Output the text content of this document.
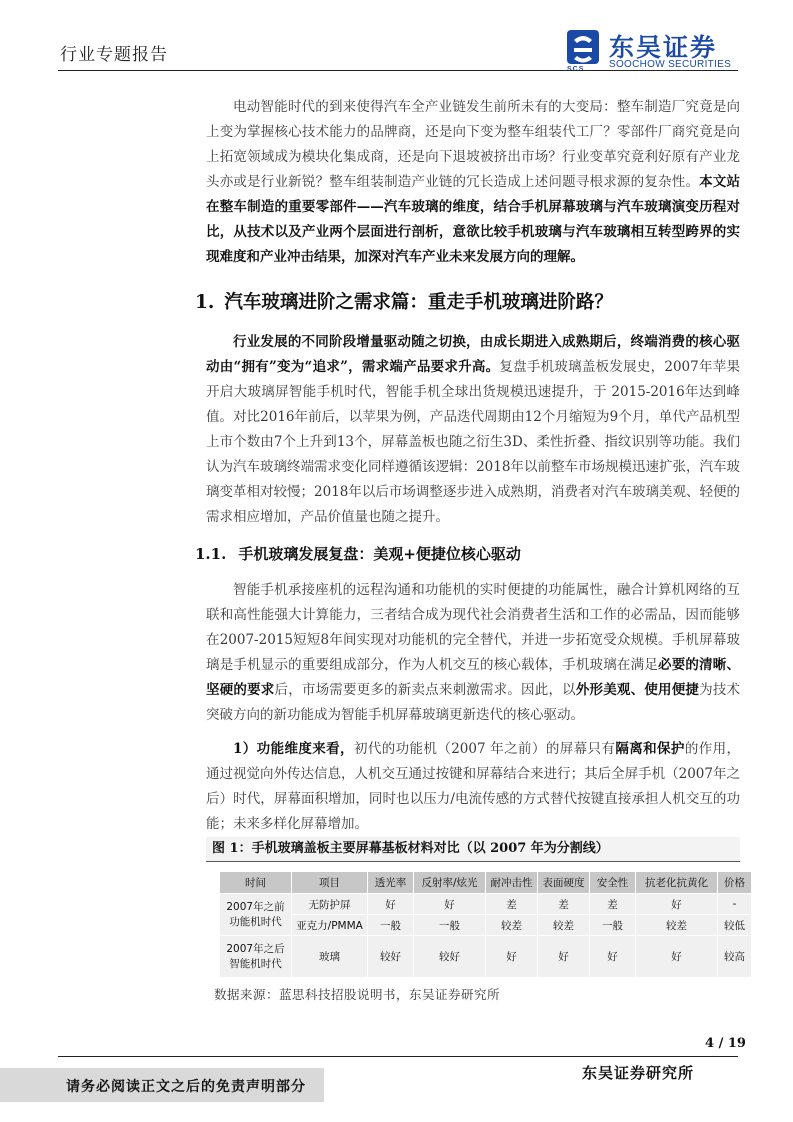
行业专题报告
SCS
东吴证券
SOOCHOW SECURITIES
电动智能时代的到来使得汽车全产业链发生前所未有的大变局：整车制造厂究竟是向上变为掌握核心技术能力的品牌商，还是向下变为整车组装代工厂？零部件厂商究竟是向上拓宽领域成为模块化集成商，还是向下退坡被挤出市场？行业变革究竟利好原有产业龙头亦或是行业新锐？整车组装制造产业链的冗长造成上述问题寻根求源的复杂性。本文站在整车制造的重要零部件——汽车玻璃的维度，结合手机屏幕玻璃与汽车玻璃演变历程对比，从技术以及产业两个层面进行剖析，意欲比较手机玻璃与汽车玻璃相互转型跨界的实现难度和产业冲击结果，加深对汽车产业未来发展方向的理解。
1. 汽车玻璃进阶之需求篇：重走手机玻璃进阶路？
行业发展的不同阶段增量驱动随之切换，由成长期进入成熟期后，终端消费的核心驱动由“拥有”变为“追求”，需求端产品要求升高。复盘手机玻璃盖板发展史，2007年苹果开启大玻璃屏智能手机时代，智能手机全球出货规模迅速提升，于 2015-2016年达到峰值。对比2016年前后，以苹果为例，产品迭代周期由12个月缩短为9个月，单代产品机型上市个数由7个上升到13个，屏幕盖板也随之衍生3D、柔性折叠、指纹识别等功能。我们认为汽车玻璃终端需求变化同样遵循该逻辑：2018年以前整车市场规模迅速扩张，汽车玻璃变革相对较慢；2018年以后市场调整逐步进入成熟期，消费者对汽车玻璃美观、轻便的需求相应增加，产品价值量也随之提升。
1.1. 手机玻璃发展复盘：美观+便捷位核心驱动
智能手机承接座机的远程沟通和功能机的实时便捷的功能属性，融合计算机网络的互联和高性能强大计算能力，三者结合成为现代社会消费者生活和工作的必需品，因而能够在2007-2015短短8年间实现对功能机的完全替代，并进一步拓宽受众规模。手机屏幕玻璃是手机显示的重要组成部分，作为人机交互的核心载体，手机玻璃在满足必要的清晰、坚硬的要求后，市场需要更多的新卖点来刺激需求。因此，以外形美观、使用便捷为技术突破方向的新功能成为智能手机屏幕玻璃更新迭代的核心驱动。
1）功能维度来看，初代的功能机（2007 年之前）的屏幕只有隔离和保护的作用，通过视觉向外传达信息，人机交互通过按键和屏幕结合来进行；其后全屏手机（2007年之后）时代，屏幕面积增加，同时也以压力/电流传感的方式替代按键直接承担人机交互的功能；未来多样化屏幕增加。
图 1：手机玻璃盖板主要屏幕基板材料对比（以 2007 年为分割线）
时间	项目	透光率	反射率/炫光	耐冲击性	表面硬度	安全性	抗老化抗黄化	价格
2007年之前功能机时代	无防护屏	好	好	差	差	差	好	-
	亚克力/PMMA	一般	一般	较差	较差	一般	较差	较低
2007年之后智能机时代	玻璃	较好	较好	好	好	好	好	较高
数据来源：蓝思科技招股说明书，东吴证券研究所
4 / 19
请务必阅读正文之后的免责声明部分
东吴证券研究所
